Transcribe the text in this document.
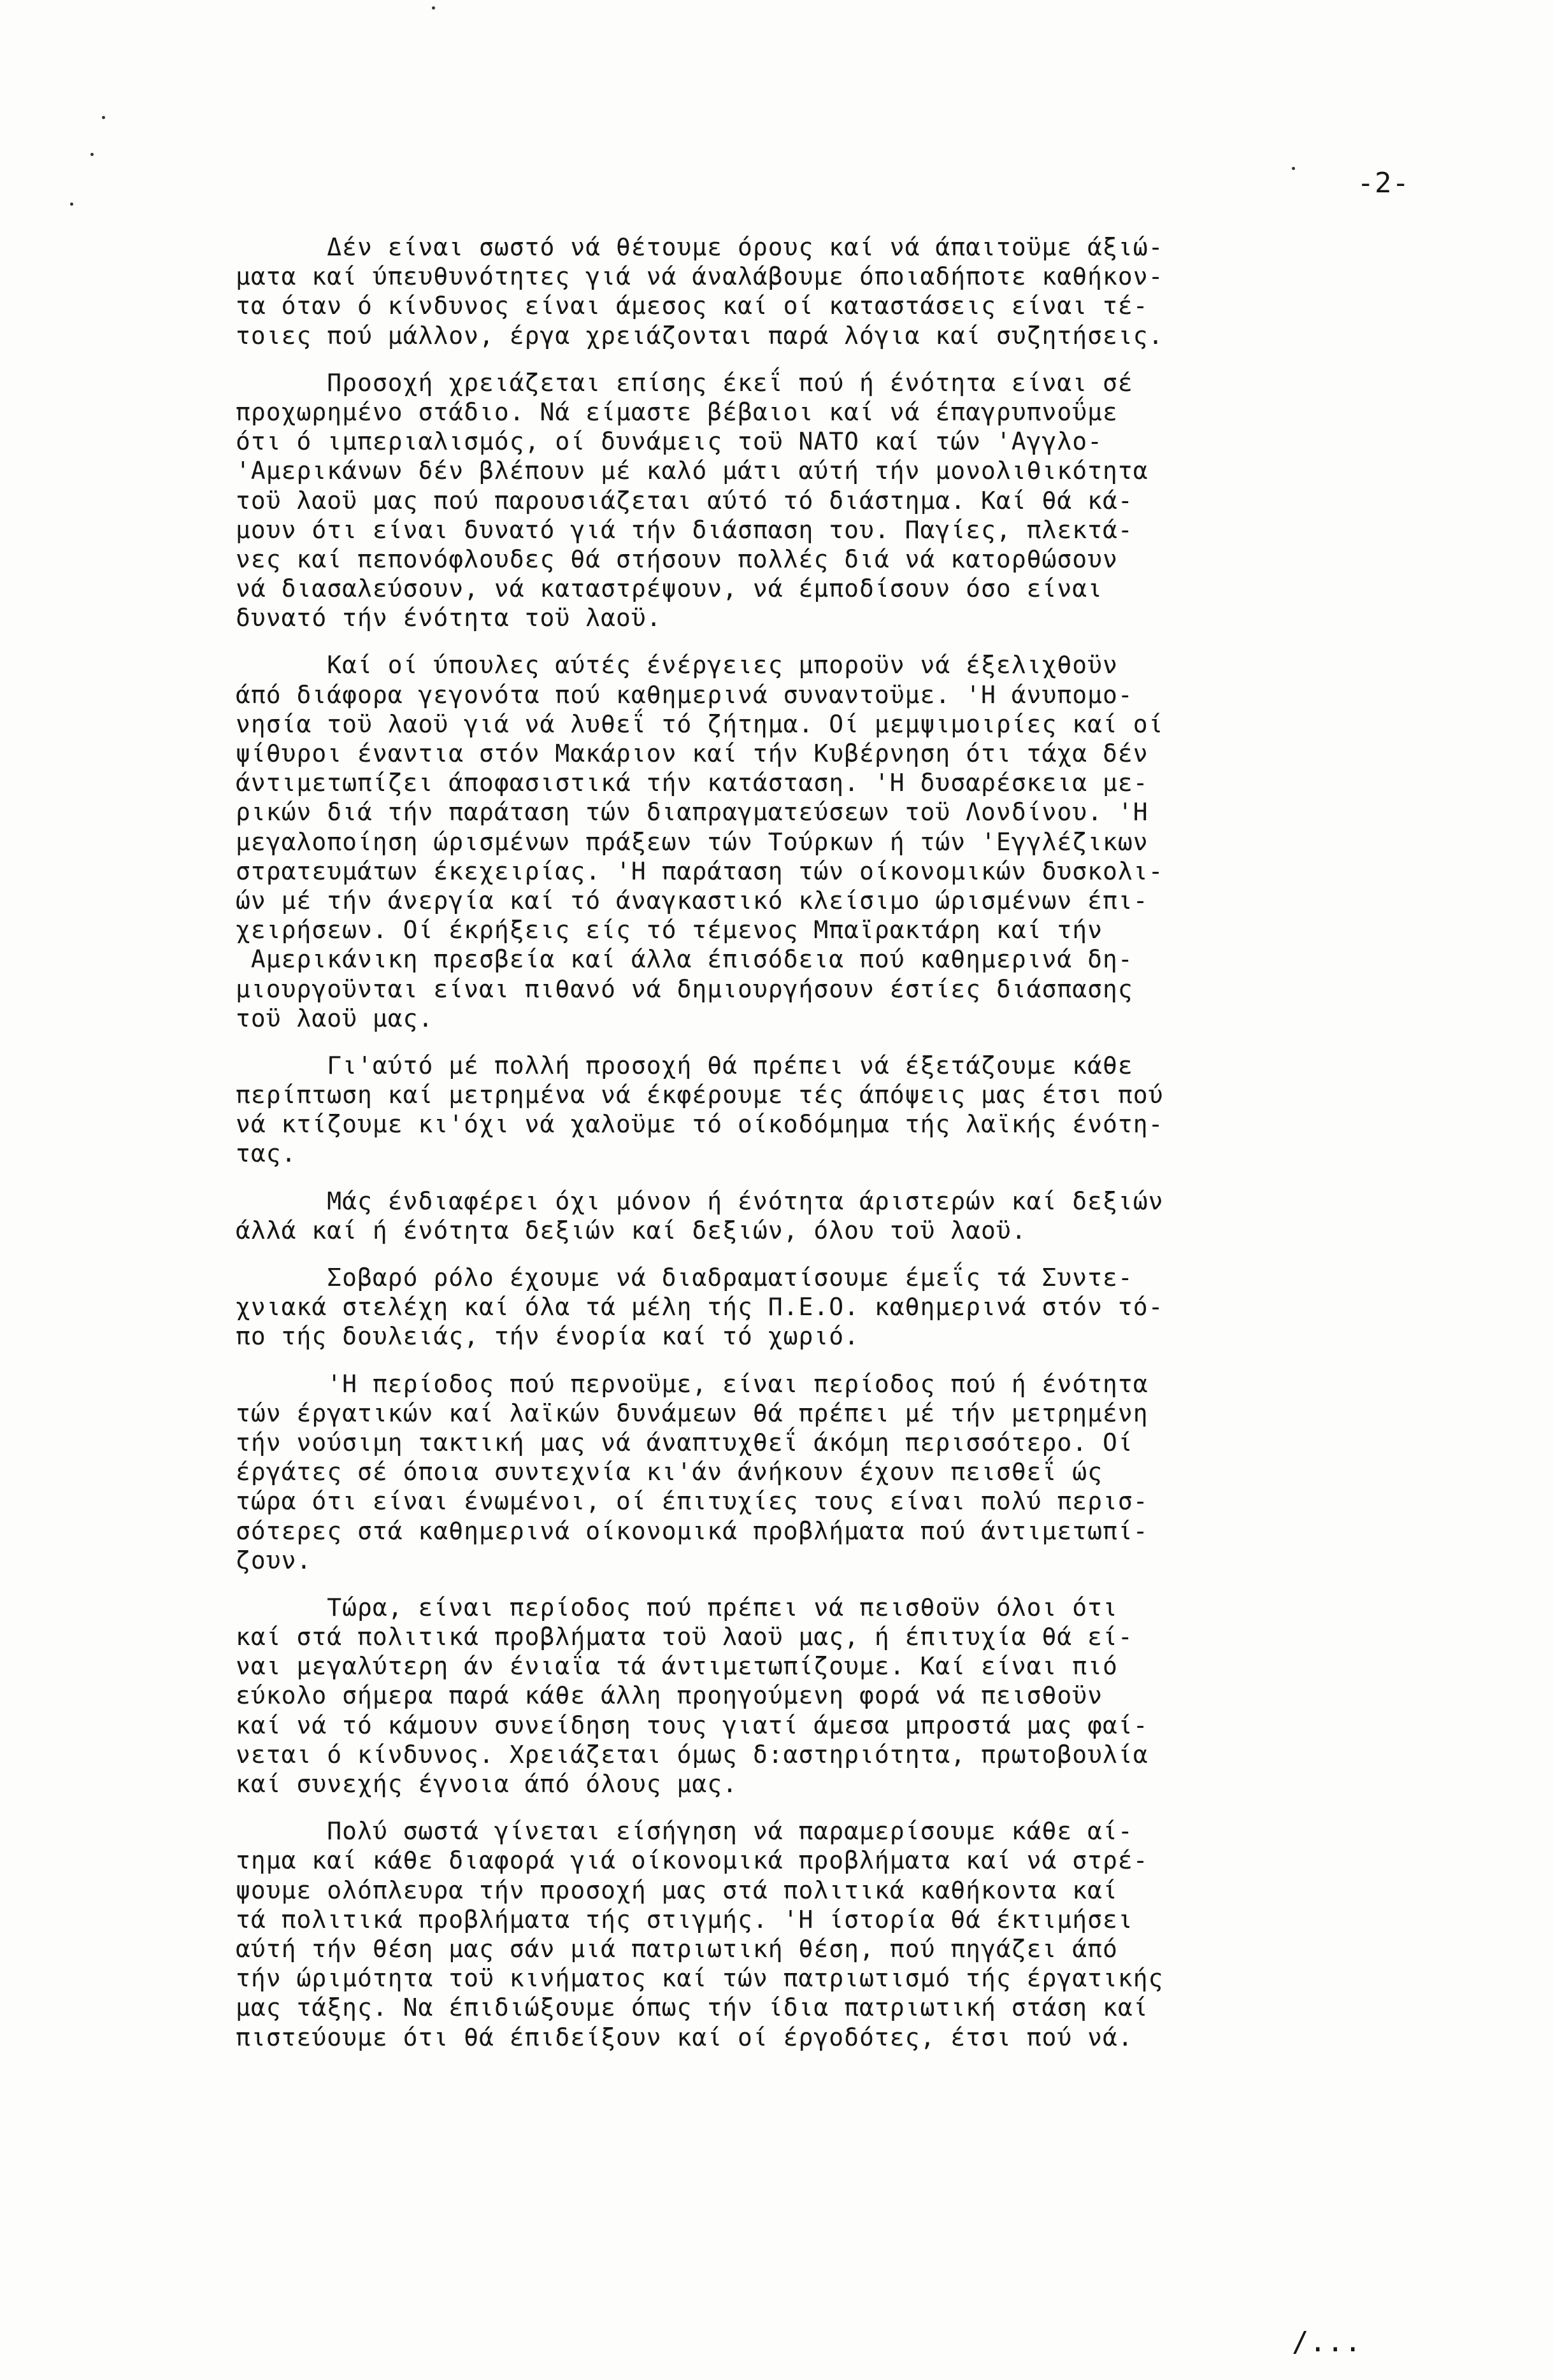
-2-
Δέν είναι σωστό νά θέτουμε όρους καί νά άπαιτοϋμε άξιώ-
ματα καί ύπευθυνότητες γιά νά άναλάβουμε όποιαδήποτε καθήκον-
τα όταν ό κίνδυνος είναι άμεσος καί οί καταστάσεις είναι τέ-
τοιες πού μάλλον, έργα χρειάζονται παρά λόγια καί συζητήσεις.
Προσοχή χρειάζεται επίσης έκεΐ πού ή ένότητα είναι σέ
προχωρημένο στάδιο. Νά είμαστε βέβαιοι καί νά έπαγρυπνοΰμε
ότι ό ιμπεριαλισμός, οί δυνάμεις τοϋ ΝΑΤΟ καί τών 'Αγγλο-
'Αμερικάνων δέν βλέπουν μέ καλό μάτι αύτή τήν μονολιθικότητα
τοϋ λαοϋ μας πού παρουσιάζεται αύτό τό διάστημα. Καί θά κά-
μουν ότι είναι δυνατό γιά τήν διάσπαση του. Παγίες, πλεκτά-
νες καί πεπονόφλουδες θά στήσουν πολλές διά νά κατορθώσουν
νά διασαλεύσουν, νά καταστρέψουν, νά έμποδίσουν όσο είναι
δυνατό τήν ένότητα τοϋ λαοϋ.
Καί οί ύπουλες αύτές ένέργειες μποροϋν νά έξελιχθοϋν
άπό διάφορα γεγονότα πού καθημερινά συναντοϋμε. 'Η άνυπομο-
νησία τοϋ λαοϋ γιά νά λυθεΐ τό ζήτημα. Οί μεμψιμοιρίες καί οί
ψίθυροι έναντια στόν Μακάριον καί τήν Κυβέρνηση ότι τάχα δέν
άντιμετωπίζει άποφασιστικά τήν κατάσταση. 'Η δυσαρέσκεια με-
ρικών διά τήν παράταση τών διαπραγματεύσεων τοϋ Λονδίνου. 'Η
μεγαλοποίηση ώρισμένων πράξεων τών Τούρκων ή τών 'Εγγλέζικων
στρατευμάτων έκεχειρίας. 'Η παράταση τών οίκονομικών δυσκολι-
ών μέ τήν άνεργία καί τό άναγκαστικό κλείσιμο ώρισμένων έπι-
χειρήσεων. Οί έκρήξεις είς τό τέμενος Μπαϊρακτάρη καί τήν
Αμερικάνικη πρεσβεία καί άλλα έπισόδεια πού καθημερινά δη-
μιουργοϋνται είναι πιθανό νά δημιουργήσουν έστίες διάσπασης
τοϋ λαοϋ μας.
Γι'αύτό μέ πολλή προσοχή θά πρέπει νά έξετάζουμε κάθε
περίπτωση καί μετρημένα νά έκφέρουμε τές άπόψεις μας έτσι πού
νά κτίζουμε κι'όχι νά χαλοϋμε τό οίκοδόμημα τής λαϊκής ένότη-
τας.
Μάς ένδιαφέρει όχι μόνον ή ένότητα άριστερών καί δεξιών
άλλά καί ή ένότητα δεξιών καί δεξιών, όλου τοϋ λαοϋ.
Σοβαρό ρόλο έχουμε νά διαδραματίσουμε έμεΐς τά Συντε-
χνιακά στελέχη καί όλα τά μέλη τής Π.Ε.Ο. καθημερινά στόν τό-
πο τής δουλειάς, τήν ένορία καί τό χωριό.
'Η περίοδος πού περνοϋμε, είναι περίοδος πού ή ένότητα
τών έργατικών καί λαϊκών δυνάμεων θά πρέπει μέ τήν μετρημένη
τήν νούσιμη τακτική μας νά άναπτυχθεΐ άκόμη περισσότερο. Οί
έργάτες σέ όποια συντεχνία κι'άν άνήκουν έχουν πεισθεΐ ώς
τώρα ότι είναι ένωμένοι, οί έπιτυχίες τους είναι πολύ περισ-
σότερες στά καθημερινά οίκονομικά προβλήματα πού άντιμετωπί-
ζουν.
Τώρα, είναι περίοδος πού πρέπει νά πεισθοϋν όλοι ότι
καί στά πολιτικά προβλήματα τοϋ λαοϋ μας, ή έπιτυχία θά εί-
ναι μεγαλύτερη άν ένιαΐα τά άντιμετωπίζουμε. Καί είναι πιό
εύκολο σήμερα παρά κάθε άλλη προηγούμενη φορά νά πεισθοϋν
καί νά τό κάμουν συνείδηση τους γιατί άμεσα μπροστά μας φαί-
νεται ό κίνδυνος. Χρειάζεται όμως δ:αστηριότητα, πρωτοβουλία
καί συνεχής έγνοια άπό όλους μας.
Πολύ σωστά γίνεται είσήγηση νά παραμερίσουμε κάθε αί-
τημα καί κάθε διαφορά γιά οίκονομικά προβλήματα καί νά στρέ-
ψουμε ολόπλευρα τήν προσοχή μας στά πολιτικά καθήκοντα καί
τά πολιτικά προβλήματα τής στιγμής. 'Η ίστορία θά έκτιμήσει
αύτή τήν θέση μας σάν μιά πατριωτική θέση, πού πηγάζει άπό
τήν ώριμότητα τοϋ κινήματος καί τών πατριωτισμό τής έργατικής
μας τάξης. Να έπιδιώξουμε όπως τήν ίδια πατριωτική στάση καί
πιστεύουμε ότι θά έπιδείξουν καί οί έργοδότες, έτσι πού νά.
/...
